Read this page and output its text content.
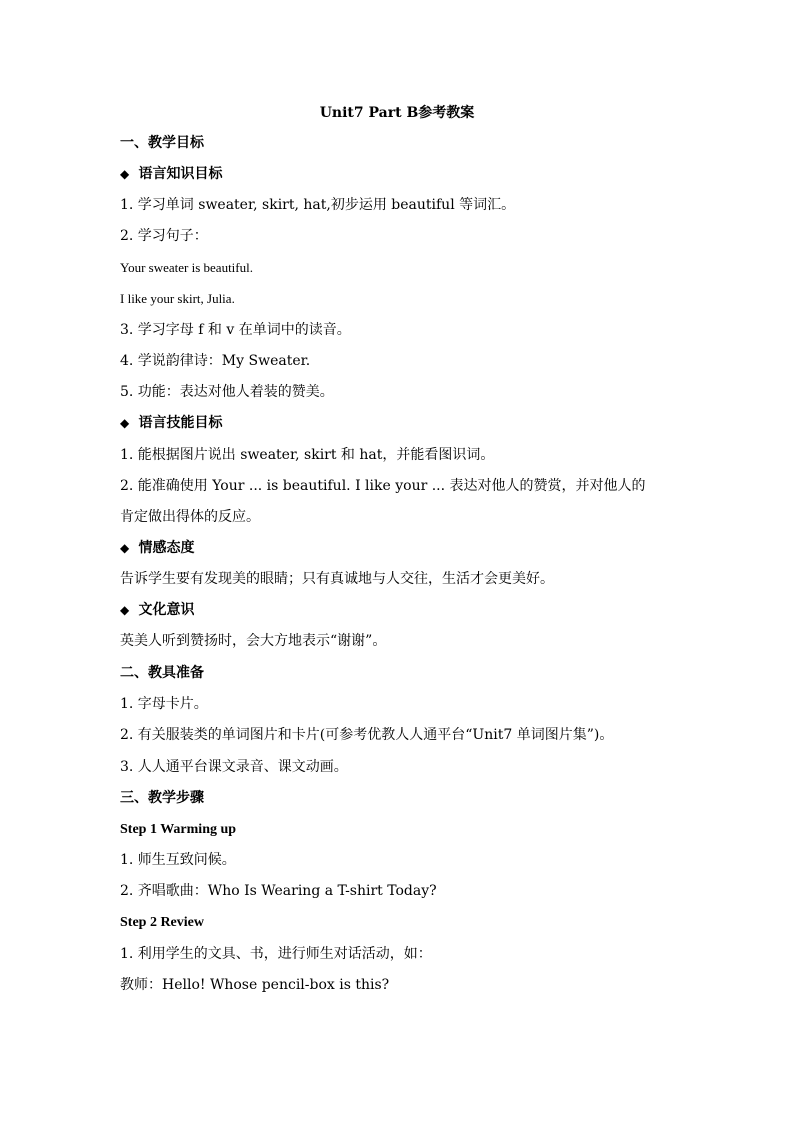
Unit7 Part B参考教案
一、教学目标
◆ 语言知识目标
1. 学习单词 sweater, skirt, hat,初步运用 beautiful 等词汇。
2. 学习句子：
Your sweater is beautiful.
I like your skirt, Julia.
3. 学习字母 f 和 v 在单词中的读音。
4. 学说韵律诗：My Sweater.
5. 功能：表达对他人着装的赞美。
◆ 语言技能目标
1. 能根据图片说出 sweater, skirt 和 hat，并能看图识词。
2. 能准确使用 Your ... is beautiful. I like your ... 表达对他人的赞赏，并对他人的
肯定做出得体的反应。
◆ 情感态度
告诉学生要有发现美的眼睛；只有真诚地与人交往，生活才会更美好。
◆ 文化意识
英美人听到赞扬时，会大方地表示“谢谢”。
二、教具准备
1. 字母卡片。
2. 有关服装类的单词图片和卡片(可参考优教人人通平台“Unit7 单词图片集”)。
3. 人人通平台课文录音、课文动画。
三、教学步骤
Step 1 Warming up
1. 师生互致问候。
2. 齐唱歌曲：Who Is Wearing a T-shirt Today?
Step 2 Review
1. 利用学生的文具、书，进行师生对话活动，如：
教师：Hello! Whose pencil-box is this?
